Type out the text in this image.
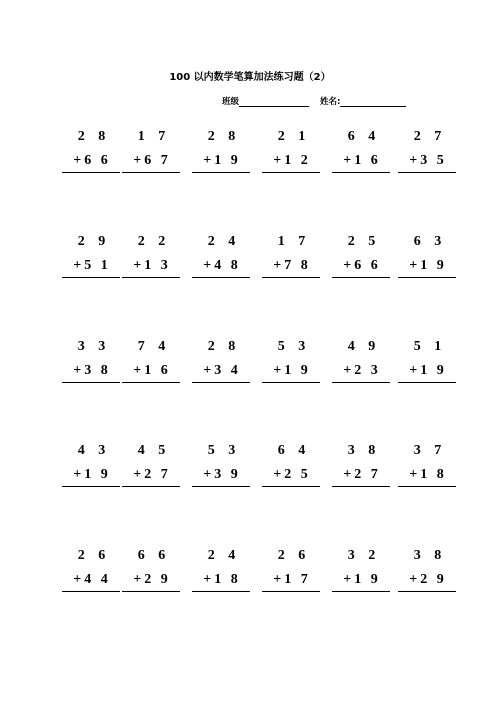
100 以内数学笔算加法练习题（2）
班级	姓名:
2 8
+6 6
1 7
+6 7
2 8
+1 9
2 1
+1 2
6 4
+1 6
2 7
+3 5
2 9
+5 1
2 2
+1 3
2 4
+4 8
1 7
+7 8
2 5
+6 6
6 3
+1 9
3 3
+3 8
7 4
+1 6
2 8
+3 4
5 3
+1 9
4 9
+2 3
5 1
+1 9
4 3
+1 9
4 5
+2 7
5 3
+3 9
6 4
+2 5
3 8
+2 7
3 7
+1 8
2 6
+4 4
6 6
+2 9
2 4
+1 8
2 6
+1 7
3 2
+1 9
3 8
+2 9
